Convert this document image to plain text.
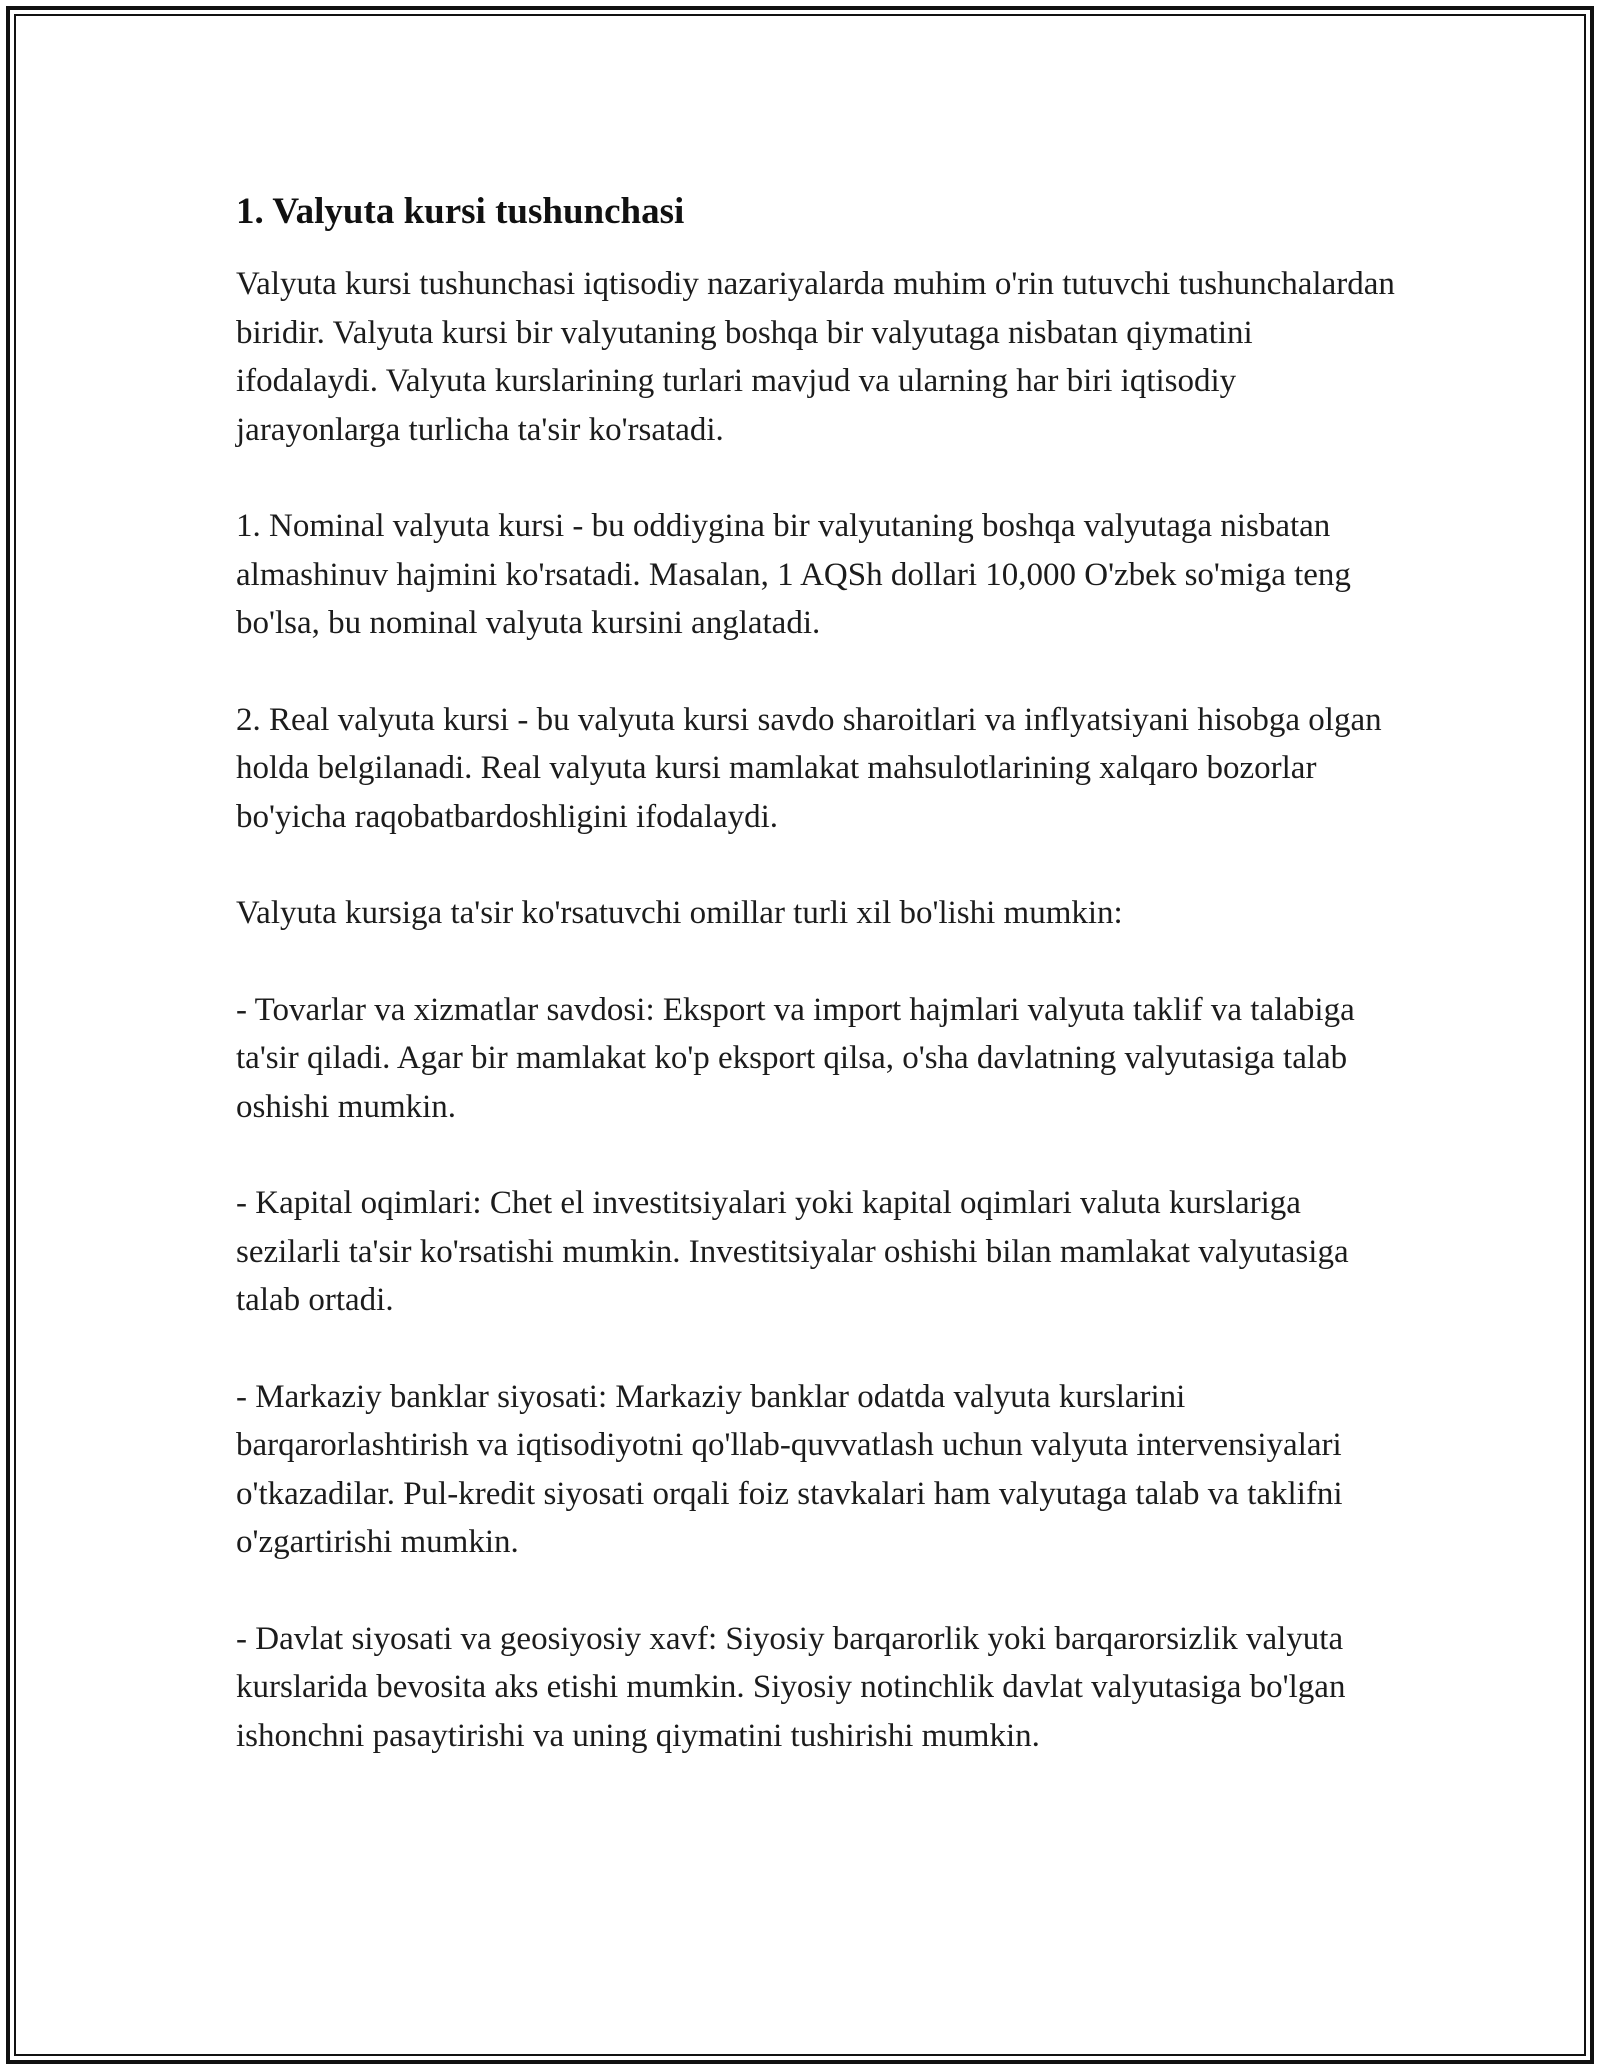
1. Valyuta kursi tushunchasi

Valyuta kursi tushunchasi iqtisodiy nazariyalarda muhim o'rin tutuvchi tushunchalardan biridir. Valyuta kursi bir valyutaning boshqa bir valyutaga nisbatan qiymatini ifodalaydi. Valyuta kurslarining turlari mavjud va ularning har biri iqtisodiy jarayonlarga turlicha ta'sir ko'rsatadi.

1. Nominal valyuta kursi - bu oddiygina bir valyutaning boshqa valyutaga nisbatan almashinuv hajmini ko'rsatadi. Masalan, 1 AQSh dollari 10,000 O'zbek so'miga teng bo'lsa, bu nominal valyuta kursini anglatadi.

2. Real valyuta kursi - bu valyuta kursi savdo sharoitlari va inflyatsiyani hisobga olgan holda belgilanadi. Real valyuta kursi mamlakat mahsulotlarining xalqaro bozorlar bo'yicha raqobatbardoshligini ifodalaydi.

Valyuta kursiga ta'sir ko'rsatuvchi omillar turli xil bo'lishi mumkin:

- Tovarlar va xizmatlar savdosi: Eksport va import hajmlari valyuta taklif va talabiga ta'sir qiladi. Agar bir mamlakat ko'p eksport qilsa, o'sha davlatning valyutasiga talab oshishi mumkin.

- Kapital oqimlari: Chet el investitsiyalari yoki kapital oqimlari valuta kurslariga sezilarli ta'sir ko'rsatishi mumkin. Investitsiyalar oshishi bilan mamlakat valyutasiga talab ortadi.

- Markaziy banklar siyosati: Markaziy banklar odatda valyuta kurslarini barqarorlashtirish va iqtisodiyotni qo'llab-quvvatlash uchun valyuta intervensiyalari o'tkazadilar. Pul-kredit siyosati orqali foiz stavkalari ham valyutaga talab va taklifni o'zgartirishi mumkin.

- Davlat siyosati va geosiyosiy xavf: Siyosiy barqarorlik yoki barqarorsizlik valyuta kurslarida bevosita aks etishi mumkin. Siyosiy notinchlik davlat valyutasiga bo'lgan ishonchni pasaytirishi va uning qiymatini tushirishi mumkin.
